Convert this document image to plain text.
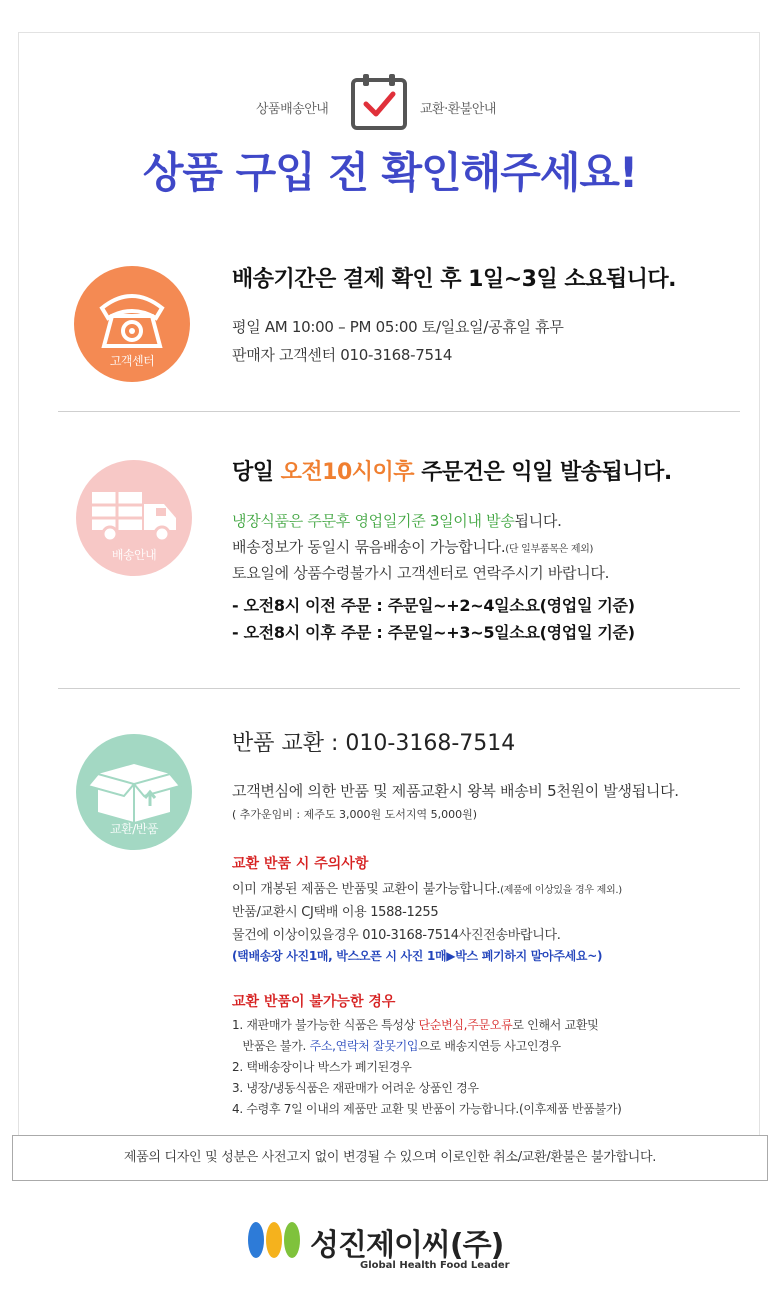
상품배송안내	교환·환불안내
상품 구입 전 확인해주세요!
고객센터
배송기간은 결제 확인 후 1일~3일 소요됩니다.
평일 AM 10:00 – PM 05:00 토/일요일/공휴일 휴무
판매자 고객센터 010-3168-7514
배송안내
당일 오전10시이후 주문건은 익일 발송됩니다.
냉장식품은 주문후 영업일기준 3일이내 발송됩니다.
배송정보가 동일시 묶음배송이 가능합니다.(단 일부품목은 제외)
토요일에 상품수령불가시 고객센터로 연락주시기 바랍니다.
- 오전8시 이전 주문 : 주문일~+2~4일소요(영업일 기준)
- 오전8시 이후 주문 : 주문일~+3~5일소요(영업일 기준)
교환/반품
반품 교환 : 010-3168-7514
고객변심에 의한 반품 및 제품교환시 왕복 배송비 5천원이 발생됩니다.
( 추가운임비 : 제주도 3,000원 도서지역 5,000원)
교환 반품 시 주의사항
이미 개봉된 제품은 반품및 교환이 불가능합니다.(제품에 이상있을 경우 제외.)
반품/교환시 CJ택배 이용 1588-1255
물건에 이상이있을경우 010-3168-7514사진전송바랍니다.
(택배송장 사진1매, 박스오픈 시 사진 1매▶박스 폐기하지 말아주세요~)
교환 반품이 불가능한 경우
1. 재판매가 불가능한 식품은 특성상 단순변심,주문오류로 인해서 교환및
반품은 불가. 주소,연락처 잘못기입으로 배송지연등 사고인경우
2. 택배송장이나 박스가 폐기된경우
3. 냉장/냉동식품은 재판매가 어려운 상품인 경우
4. 수령후 7일 이내의 제품만 교환 및 반품이 가능합니다.(이후제품 반품불가)
제품의 디자인 및 성분은 사전고지 없이 변경될 수 있으며 이로인한 취소/교환/환불은 불가합니다.
성진제이씨(주)
Global Health Food Leader
